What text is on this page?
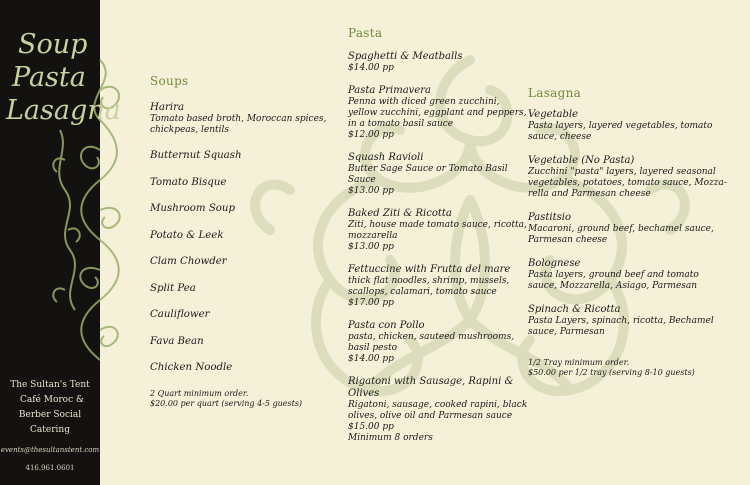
Soup
Pasta
Lasagna
The Sultan's Tent
Café Moroc &
Berber Social Catering
events@thesultanstent.com
416.961.0601
Soups
Harira
Tomato based broth, Moroccan spices, chickpeas, lentils
Butternut Squash
Tomato Bisque
Mushroom Soup
Potato & Leek
Clam Chowder
Split Pea
Cauliflower
Fava Bean
Chicken Noodle
2 Quart minimum order.
$20.00 per quart (serving 4-5 guests)
Pasta
Spaghetti & Meatballs
$14.00 pp
Pasta Primavera
Penna with diced green zucchini, yellow zucchini, eggplant and peppers, in a tomato basil sauce
$12.00 pp
Squash Ravioli
Butter Sage Sauce or Tomato Basil Sauce
$13.00 pp
Baked Ziti & Ricotta
Ziti, house made tomato sauce, ricotta, mozzarella
$13.00 pp
Fettuccine with Frutta del mare
thick flat noodles, shrimp, mussels, scallops, calamari, tomato sauce
$17.00 pp
Pasta con Pollo
pasta, chicken, sauteed mushrooms, basil pesto
$14.00 pp
Rigatoni with Sausage, Rapini & Olives
Rigatoni, sausage, cooked rapini, black olives, olive oil and Parmesan sauce
$15.00 pp
Minimum 8 orders
Lasagna
Vegetable
Pasta layers, layered vegetables, tomato sauce, cheese
Vegetable (No Pasta)
Zucchini "pasta" layers, layered seasonal vegetables, potatoes, tomato sauce, Mozza-rella and Parmesan cheese
Pastitsio
Macaroni, ground beef, bechamel sauce, Parmesan cheese
Bolognese
Pasta layers, ground beef and tomato sauce, Mozzarella, Asiago, Parmesan
Spinach & Ricotta
Pasta Layers, spinach, ricotta, Bechamel sauce, Parmesan
1/2 Tray minimum order.
$50.00 per 1/2 tray (serving 8-10 guests)
